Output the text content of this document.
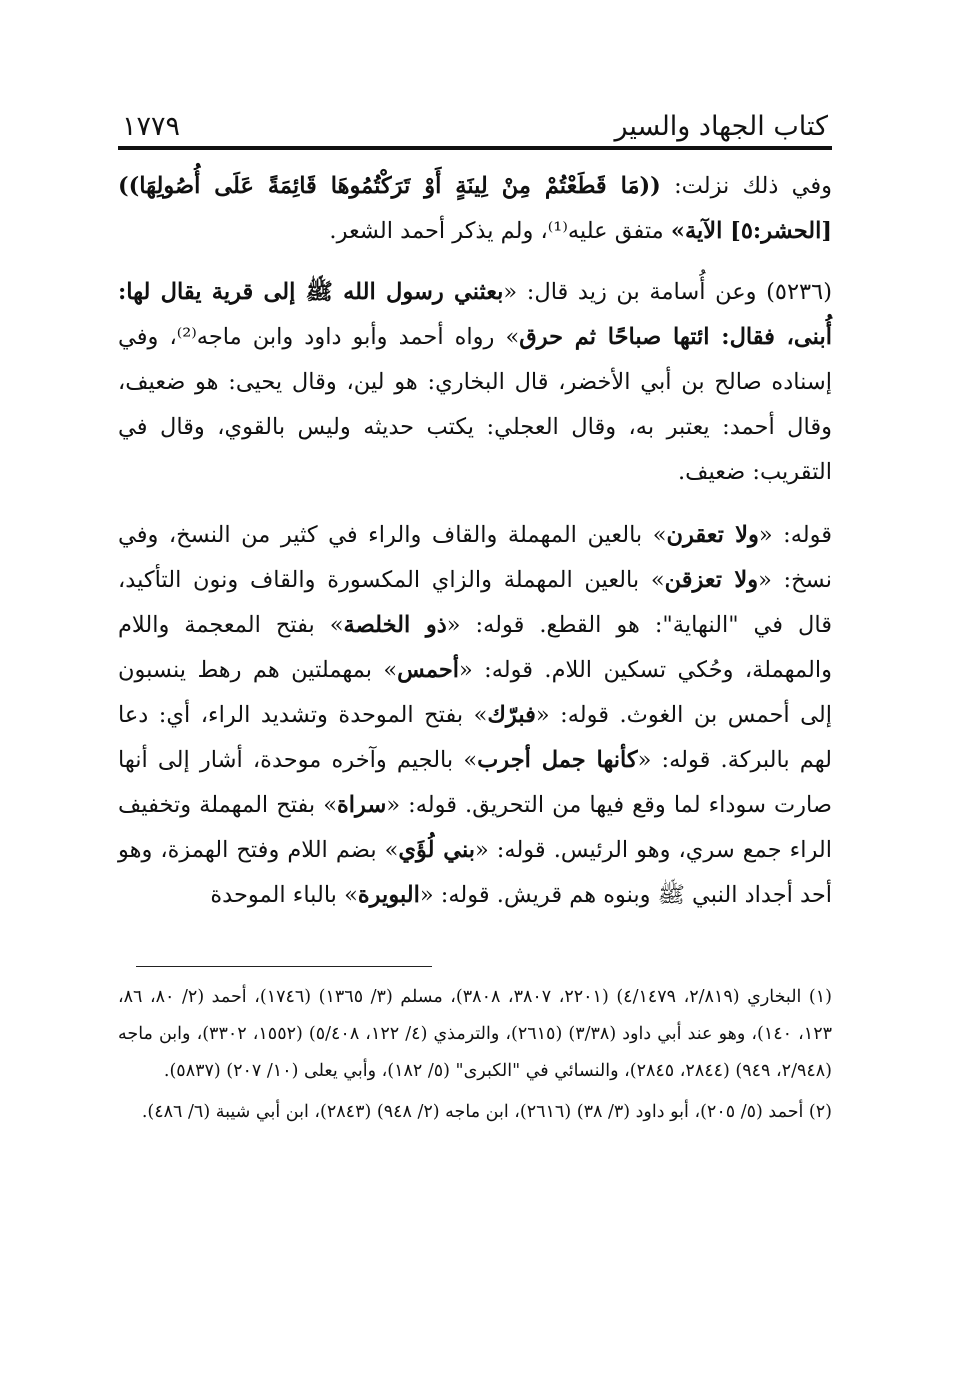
كتاب الجهاد والسير
١٧٧٩

وفي ذلك نزلت: ((مَا قَطَعْتُمْ مِنْ لِينَةٍ أَوْ تَرَكْتُمُوهَا قَائِمَةً عَلَى أُصُولِهَا)) [الحشر:٥] الآية» متفق عليه⁽¹⁾، ولم يذكر أحمد الشعر.

(٥٢٣٦) وعن أُسامة بن زيد قال: «بعثني رسول الله ﷺ إلى قرية يقال لها: أُبنى، فقال: ائتها صباحًا ثم حرق» رواه أحمد وأبو داود وابن ماجه⁽²⁾، وفي إسناده صالح بن أبي الأخضر، قال البخاري: هو لين، وقال يحيى: هو ضعيف، وقال أحمد: يعتبر به، وقال العجلي: يكتب حديثه وليس بالقوي، وقال في التقريب: ضعيف.

قوله: «ولا تعقرن» بالعين المهملة والقاف والراء في كثير من النسخ، وفي نسخ: «ولا تعزقن» بالعين المهملة والزاي المكسورة والقاف ونون التأكيد، قال في "النهاية": هو القطع. قوله: «ذو الخلصة» بفتح المعجمة واللام والمهملة، وحُكي تسكين اللام. قوله: «أحمس» بمهملتين هم رهط ينسبون إلى أحمس بن الغوث. قوله: «فبرّك» بفتح الموحدة وتشديد الراء، أي: دعا لهم بالبركة. قوله: «كأنها جمل أجرب» بالجيم وآخره موحدة، أشار إلى أنها صارت سوداء لما وقع فيها من التحريق. قوله: «سراة» بفتح المهملة وتخفيف الراء جمع سري، وهو الرئيس. قوله: «بني لُؤَي» بضم اللام وفتح الهمزة، وهو أحد أجداد النبي ﷺ وبنوه هم قريش. قوله: «البويرة» بالباء الموحدة

(١) البخاري (٢/٨١٩، ٤/١٤٧٩) (٢٢٠١، ٣٨٠٧، ٣٨٠٨)، مسلم (٣/ ١٣٦٥) (١٧٤٦)، أحمد (٢/ ٨٠، ٨٦، ١٢٣، ١٤٠)، وهو عند أبي داود (٣/٣٨) (٢٦١٥)، والترمذي (٤/ ١٢٢، ٥/٤٠٨) (١٥٥٢، ٣٣٠٢)، وابن ماجه (٢/٩٤٨، ٩٤٩) (٢٨٤٤، ٢٨٤٥)، والنسائي في "الكبرى" (٥/ ١٨٢)، وأبي يعلى (١٠/ ٢٠٧) (٥٨٣٧).

(٢) أحمد (٥/ ٢٠٥)، أبو داود (٣/ ٣٨) (٢٦١٦)، ابن ماجه (٢/ ٩٤٨) (٢٨٤٣)، ابن أبي شيبة (٦/ ٤٨٦).
